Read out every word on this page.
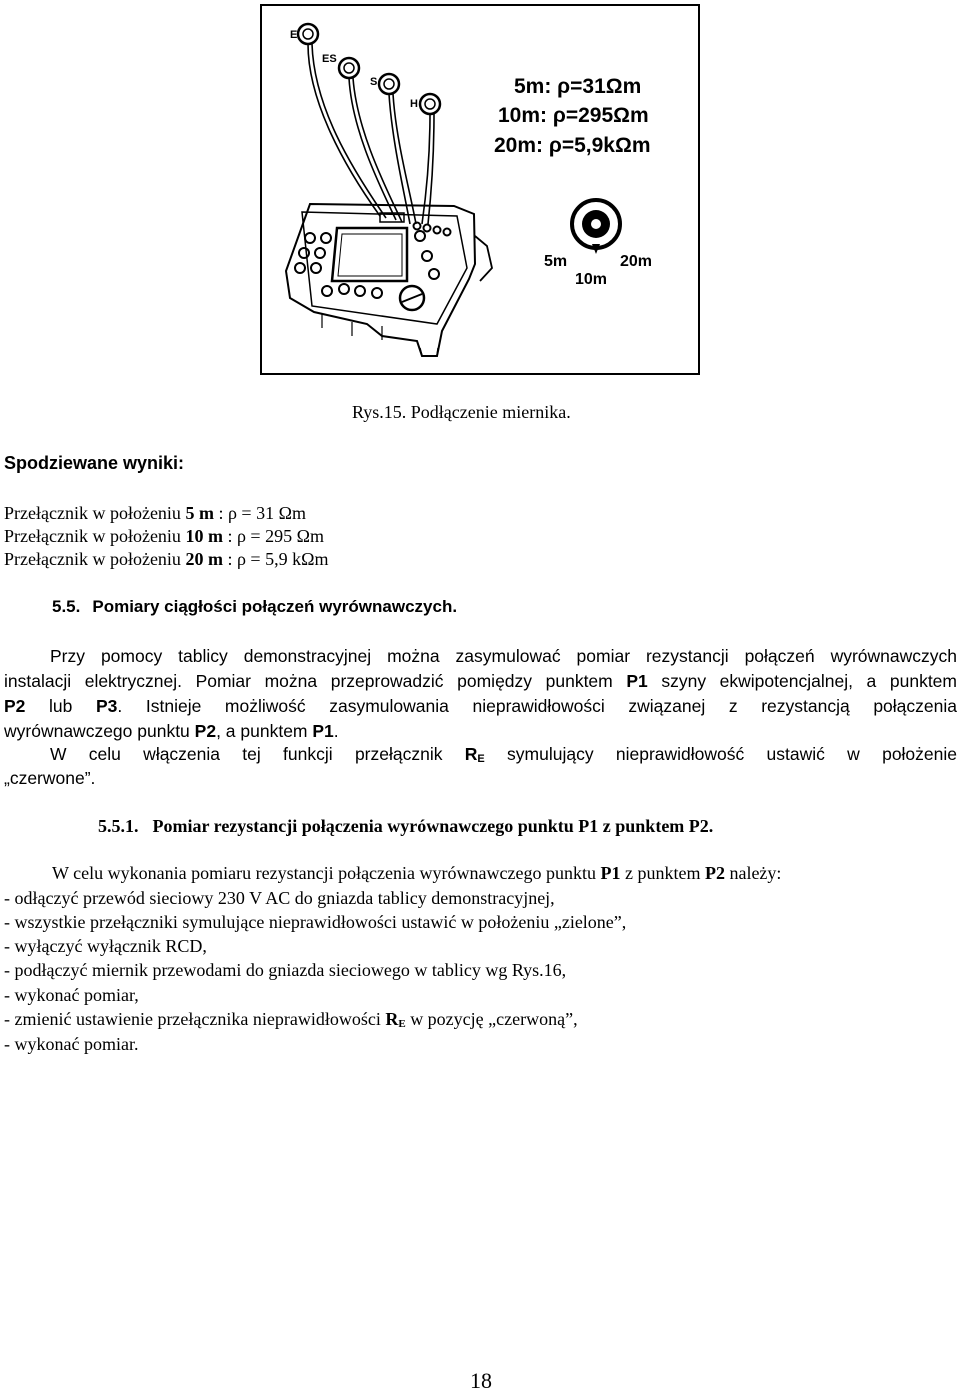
E
ES
S
H
5m: ρ=31Ωm
10m: ρ=295Ωm
20m: ρ=5,9kΩm
5m	20m
10m
Rys.15. Podłączenie miernika.
Spodziewane wyniki:
Przełącznik w położeniu 5 m : ρ = 31 Ωm
Przełącznik w położeniu 10 m : ρ = 295 Ωm
Przełącznik w położeniu 20 m : ρ = 5,9 kΩm
5.5. Pomiary ciągłości połączeń wyrównawczych.
Przy pomocy tablicy demonstracyjnej można zasymulować pomiar rezystancji połączeń wyrównawczych
instalacji elektrycznej. Pomiar można przeprowadzić pomiędzy punktem P1 szyny ekwipotencjalnej, a punktem
P2 lub P3. Istnieje możliwość zasymulowania nieprawidłowości związanej z rezystancją połączenia
wyrównawczego punktu P2, a punktem P1.
W celu włączenia tej funkcji przełącznik $R_E$ symulujący nieprawidłowość ustawić w położenie
„czerwone”.
5.5.1. Pomiar rezystancji połączenia wyrównawczego punktu P1 z punktem P2.
W celu wykonania pomiaru rezystancji połączenia wyrównawczego punktu P1 z punktem P2 należy:
- odłączyć przewód sieciowy 230 V AC do gniazda tablicy demonstracyjnej,
- wszystkie przełączniki symulujące nieprawidłowości ustawić w położeniu „zielone”,
- wyłączyć wyłącznik RCD,
- podłączyć miernik przewodami do gniazda sieciowego w tablicy wg Rys.16,
- wykonać pomiar,
- zmienić ustawienie przełącznika nieprawidłowości $R_E$ w pozycję „czerwoną”,
- wykonać pomiar.
18
